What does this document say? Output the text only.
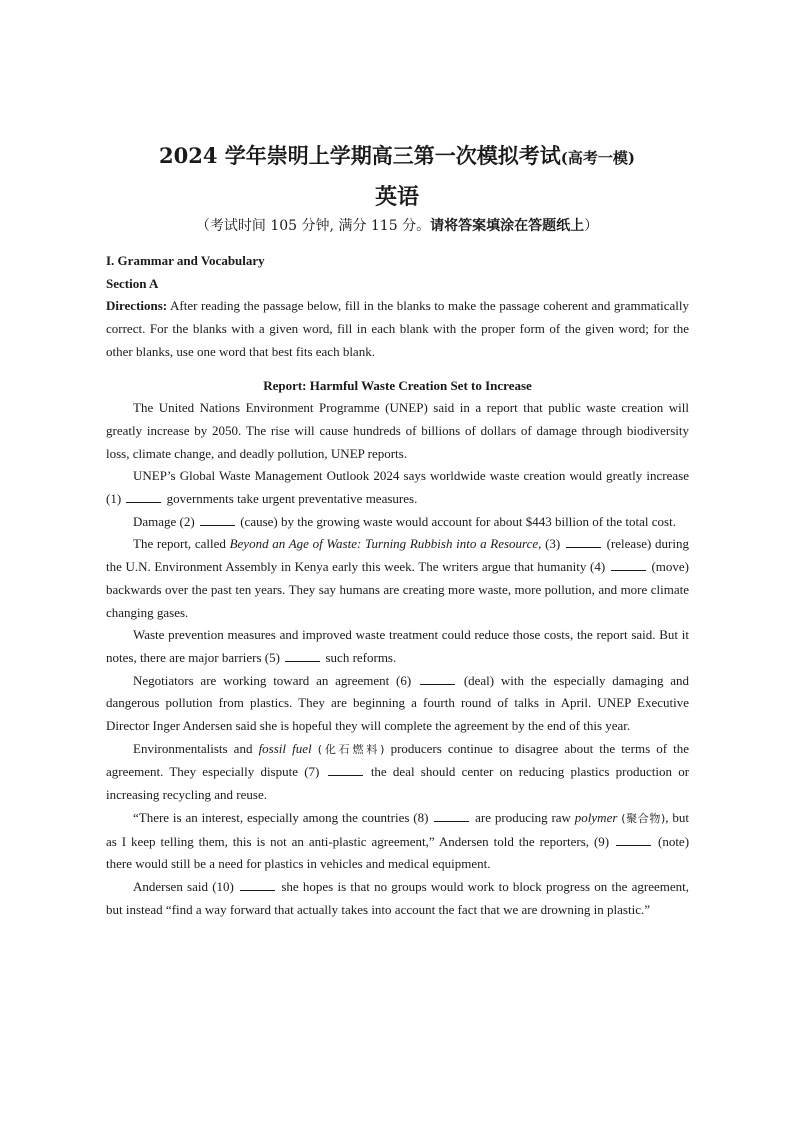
2024 学年崇明上学期高三第一次模拟考试(高考一模)
英语
（考试时间 105 分钟, 满分 115 分。请将答案填涂在答题纸上）

I. Grammar and Vocabulary

Section A

Directions: After reading the passage below, fill in the blanks to make the passage coherent and grammatically correct. For the blanks with a given word, fill in each blank with the proper form of the given word; for the other blanks, use one word that best fits each blank.

Report: Harmful Waste Creation Set to Increase

The United Nations Environment Programme (UNEP) said in a report that public waste creation will greatly increase by 2050. The rise will cause hundreds of billions of dollars of damage through biodiversity loss, climate change, and deadly pollution, UNEP reports.

UNEP’s Global Waste Management Outlook 2024 says worldwide waste creation would greatly increase (1)	governments take urgent preventative measures.

Damage (2)	(cause) by the growing waste would account for about $443 billion of the total cost.

The report, called Beyond an Age of Waste: Turning Rubbish into a Resource, (3)	(release) during the U.N. Environment Assembly in Kenya early this week. The writers argue that humanity (4)	(move) backwards over the past ten years. They say humans are creating more waste, more pollution, and more climate changing gases.

Waste prevention measures and improved waste treatment could reduce those costs, the report said. But it notes, there are major barriers (5)	such reforms.

Negotiators are working toward an agreement (6)	(deal) with the especially damaging and dangerous pollution from plastics. They are beginning a fourth round of talks in April. UNEP Executive Director Inger Andersen said she is hopeful they will complete the agreement by the end of this year.

Environmentalists and fossil fuel (化石燃料) producers continue to disagree about the terms of the agreement. They especially dispute (7)	the deal should center on reducing plastics production or increasing recycling and reuse.

“There is an interest, especially among the countries (8)	are producing raw polymer (聚合物), but as I keep telling them, this is not an anti-plastic agreement,” Andersen told the reporters, (9)	(note) there would still be a need for plastics in vehicles and medical equipment.

Andersen said (10)	she hopes is that no groups would work to block progress on the agreement, but instead “find a way forward that actually takes into account the fact that we are drowning in plastic.”
